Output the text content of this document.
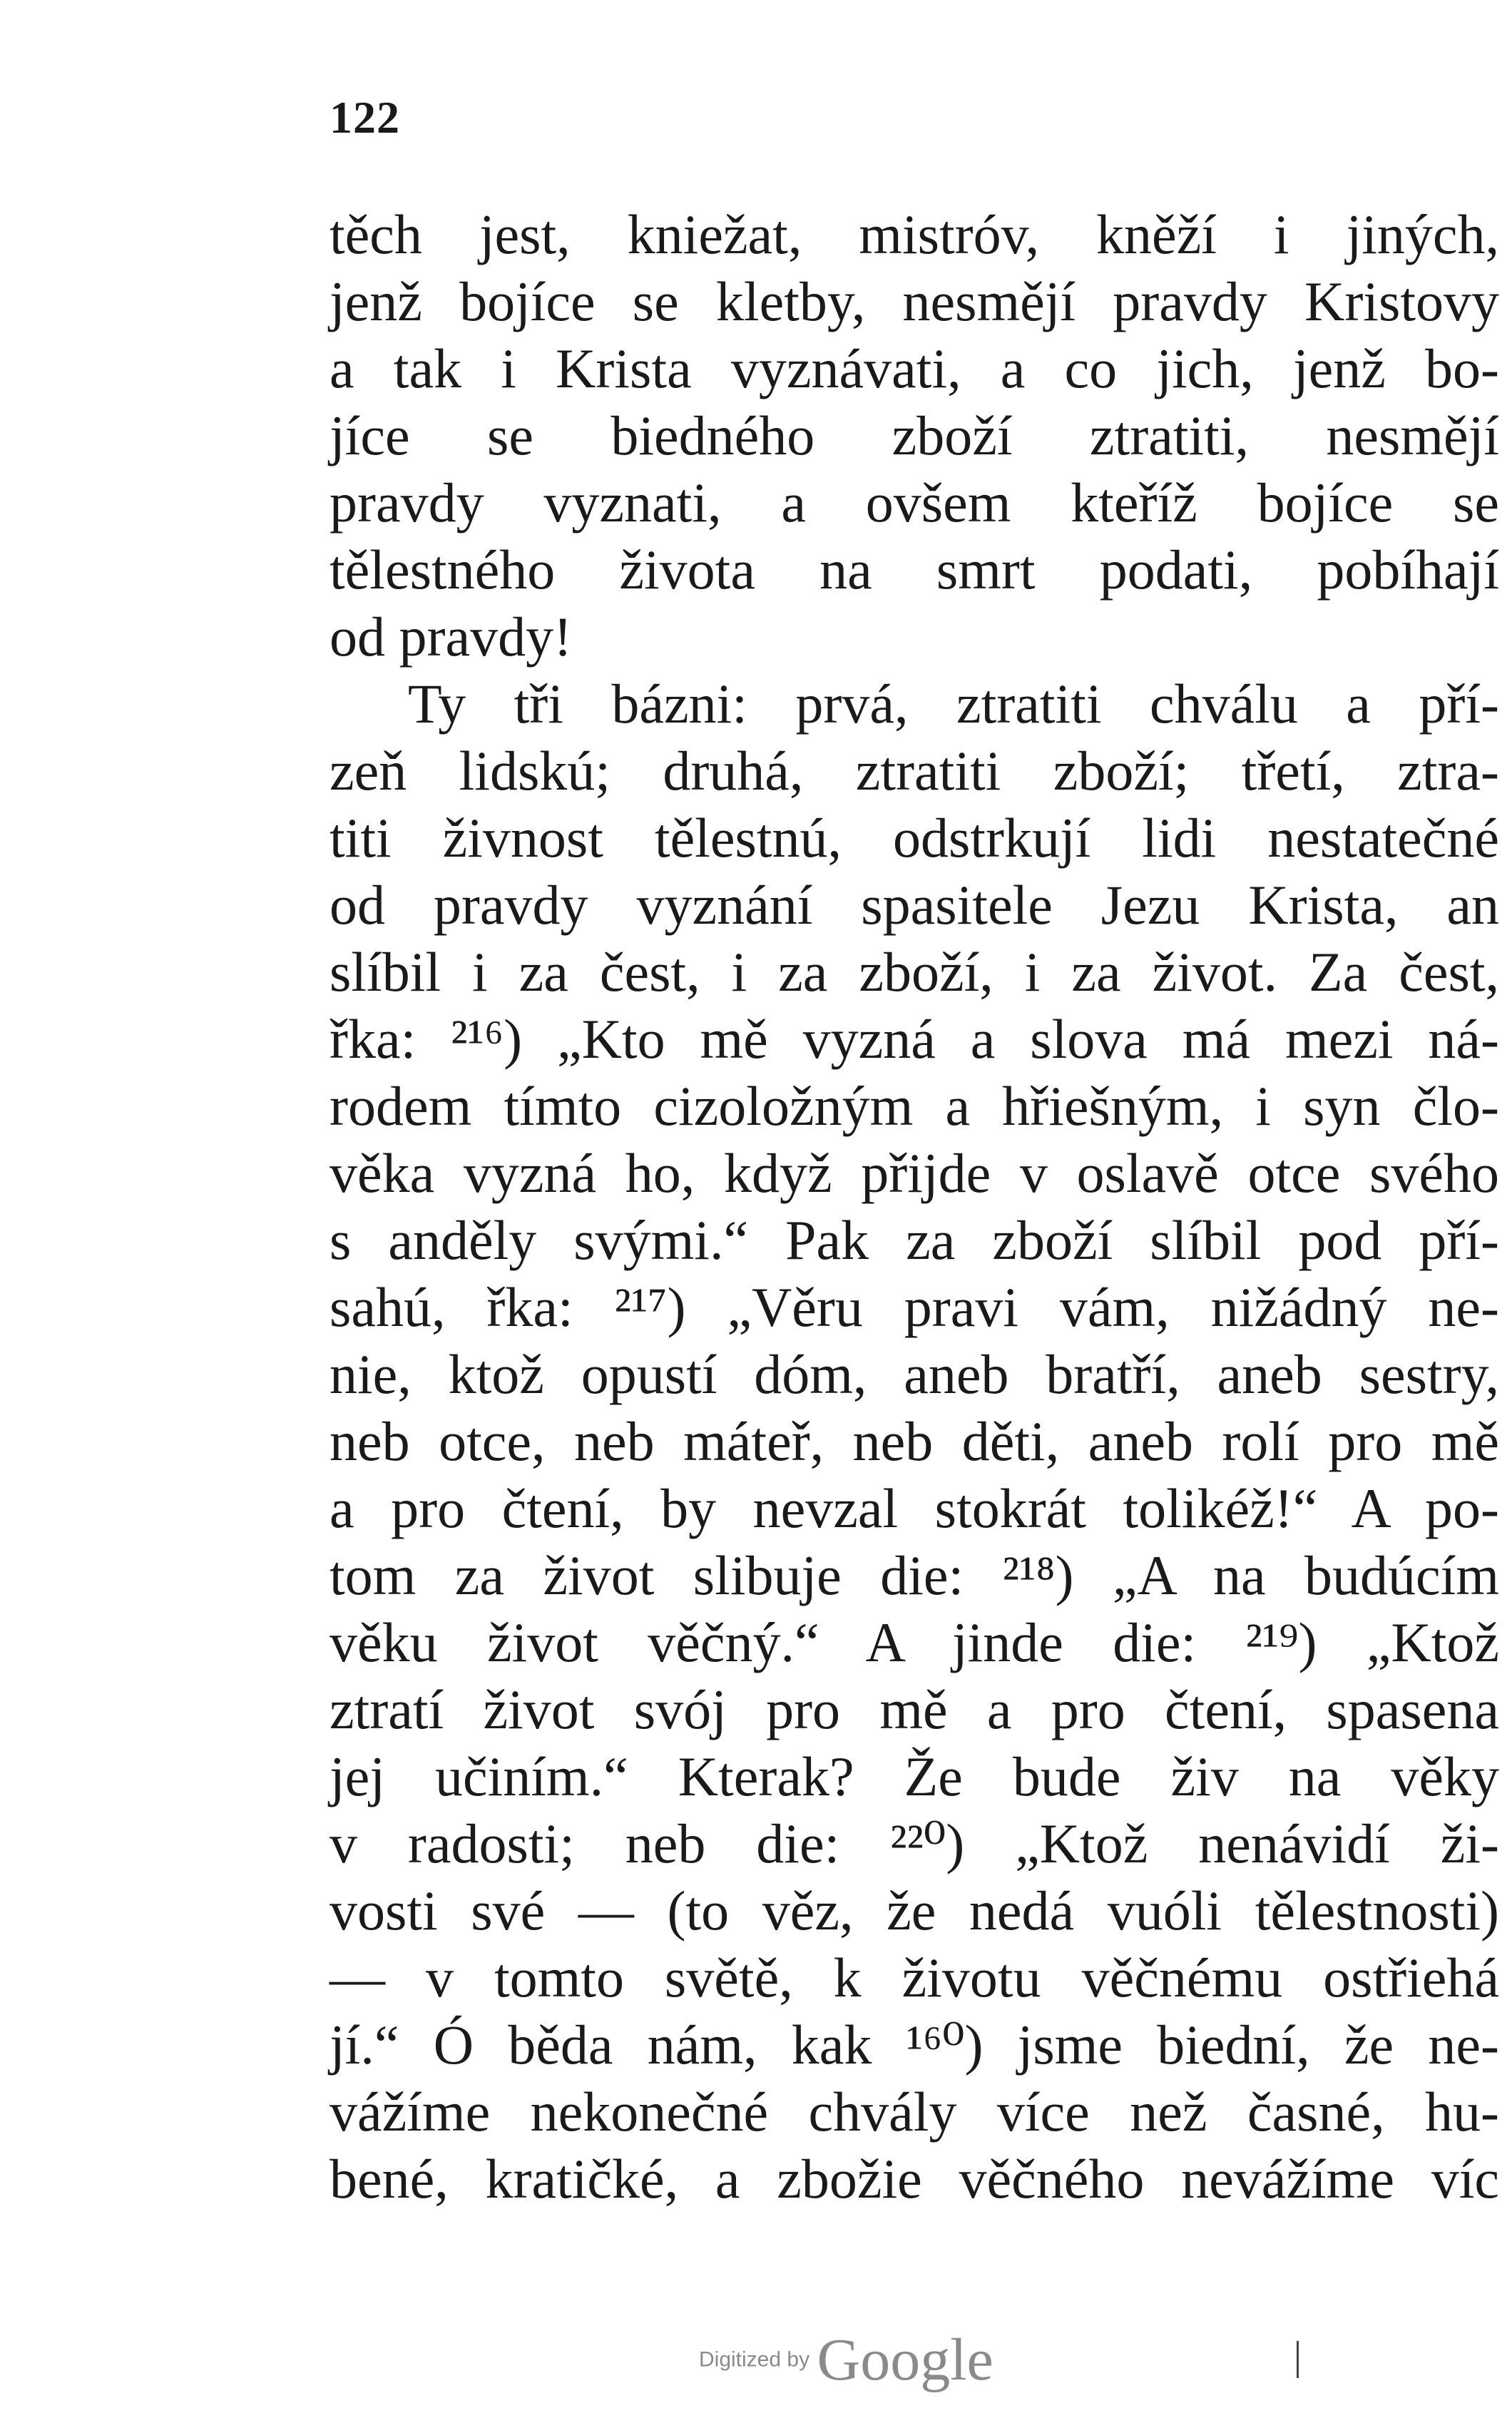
122
těch jest, kniežat, mistróv, kněží i jiných,
jenž bojíce se kletby, nesmějí pravdy Kristovy
a tak i Krista vyznávati, a co jich, jenž bo-
jíce se biedného zboží ztratiti, nesmějí
pravdy vyznati, a ovšem kteříž bojíce se
tělestného života na smrt podati, pobíhají
od pravdy!
Ty tři bázni: prvá, ztratiti chválu a pří-
zeň lidskú; druhá, ztratiti zboží; třetí, ztra-
titi živnost tělestnú, odstrkují lidi nestatečné
od pravdy vyznání spasitele Jezu Krista, an
slíbil i za čest, i za zboží, i za život. Za čest,
řka: ²¹⁶) „Kto mě vyzná a slova má mezi ná-
rodem tímto cizoložným a hřiešným, i syn člo-
věka vyzná ho, když přijde v oslavě otce svého
s anděly svými.“ Pak za zboží slíbil pod pří-
sahú, řka: ²¹⁷) „Věru pravi vám, nižádný ne-
nie, ktož opustí dóm, aneb bratří, aneb sestry,
neb otce, neb máteř, neb děti, aneb rolí pro mě
a pro čtení, by nevzal stokrát tolikéž!“ A po-
tom za život slibuje die: ²¹⁸) „A na budúcím
věku život věčný.“ A jinde die: ²¹⁹) „Ktož
ztratí život svój pro mě a pro čtení, spasena
jej učiním.“ Kterak? Že bude živ na věky
v radosti; neb die: ²²⁰) „Ktož nenávidí ži-
vosti své — (to věz, že nedá vuóli tělestnosti)
— v tomto světě, k životu věčnému ostřiehá
jí.“ Ó běda nám, kak ¹⁶⁰) jsme biední, že ne-
vážíme nekonečné chvály více než časné, hu-
bené, kratičké, a zbožie věčného nevážíme víc
Digitized by Google
